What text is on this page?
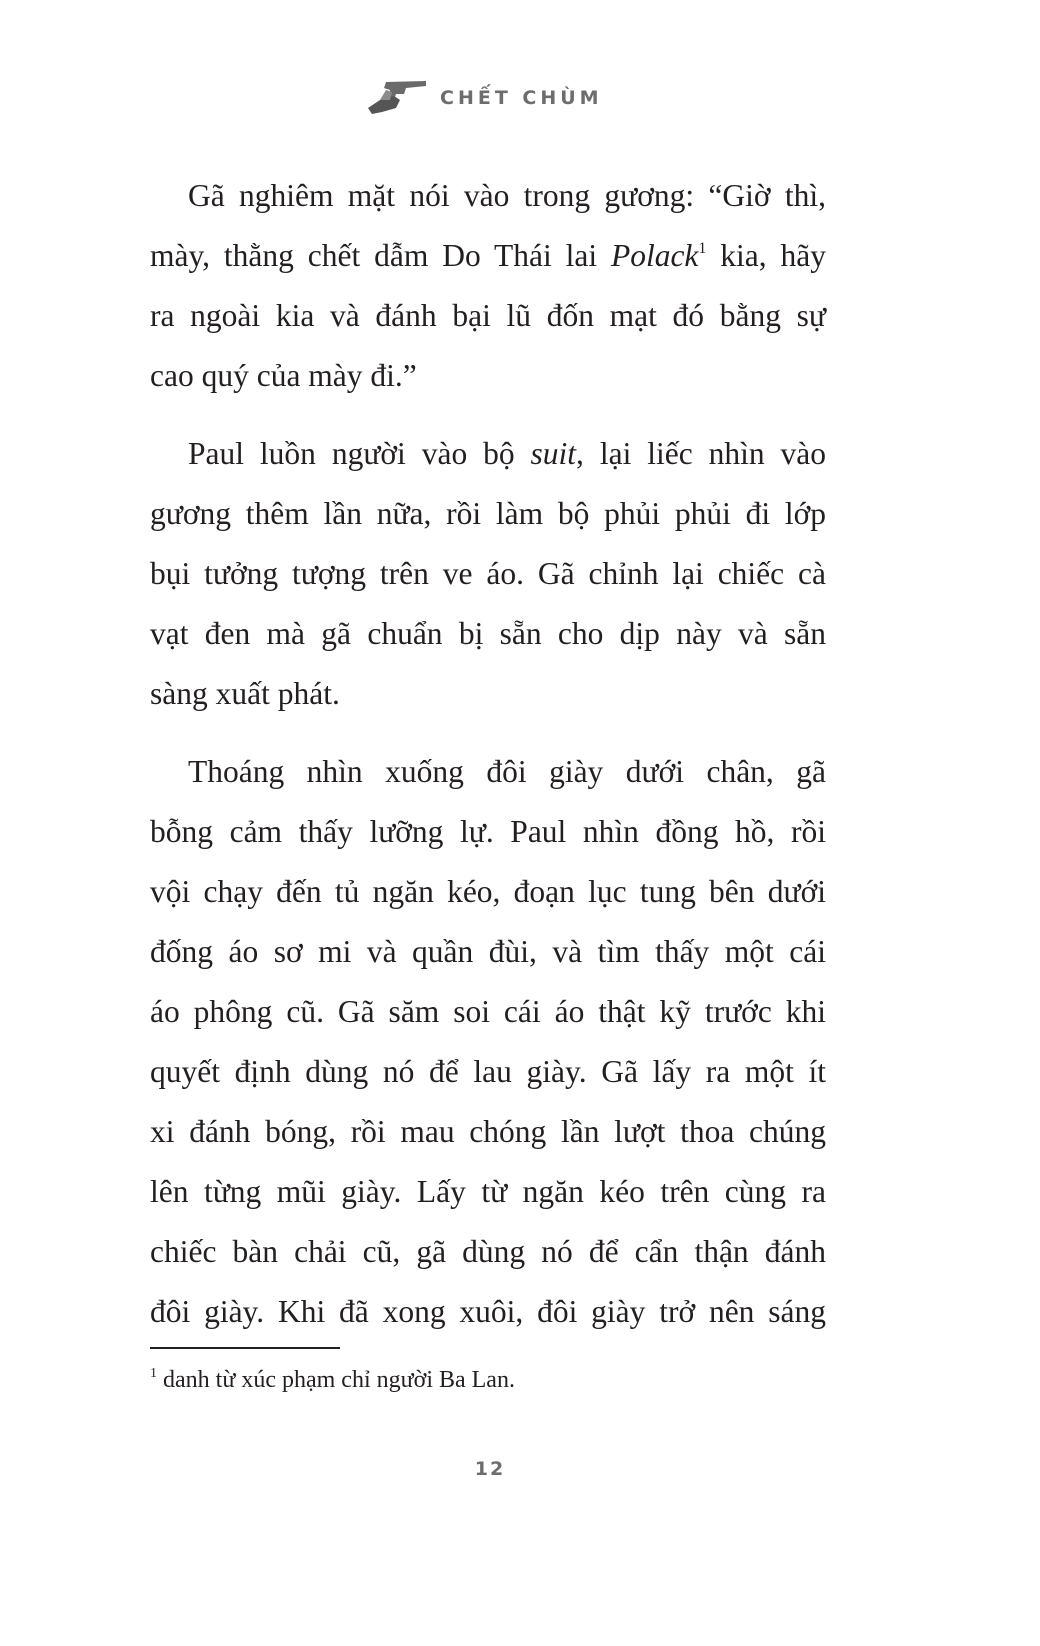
CHẾT CHÙM
Gã nghiêm mặt nói vào trong gương: “Giờ thì,
mày, thằng chết dẫm Do Thái lai Polack$^1$ kia, hãy
ra ngoài kia và đánh bại lũ đốn mạt đó bằng sự
cao quý của mày đi.”
Paul luồn người vào bộ suit, lại liếc nhìn vào
gương thêm lần nữa, rồi làm bộ phủi phủi đi lớp
bụi tưởng tượng trên ve áo. Gã chỉnh lại chiếc cà
vạt đen mà gã chuẩn bị sẵn cho dịp này và sẵn
sàng xuất phát.
Thoáng nhìn xuống đôi giày dưới chân, gã
bỗng cảm thấy lưỡng lự. Paul nhìn đồng hồ, rồi
vội chạy đến tủ ngăn kéo, đoạn lục tung bên dưới
đống áo sơ mi và quần đùi, và tìm thấy một cái
áo phông cũ. Gã săm soi cái áo thật kỹ trước khi
quyết định dùng nó để lau giày. Gã lấy ra một ít
xi đánh bóng, rồi mau chóng lần lượt thoa chúng
lên từng mũi giày. Lấy từ ngăn kéo trên cùng ra
chiếc bàn chải cũ, gã dùng nó để cẩn thận đánh
đôi giày. Khi đã xong xuôi, đôi giày trở nên sáng
$^1$ danh từ xúc phạm chỉ người Ba Lan.
12
